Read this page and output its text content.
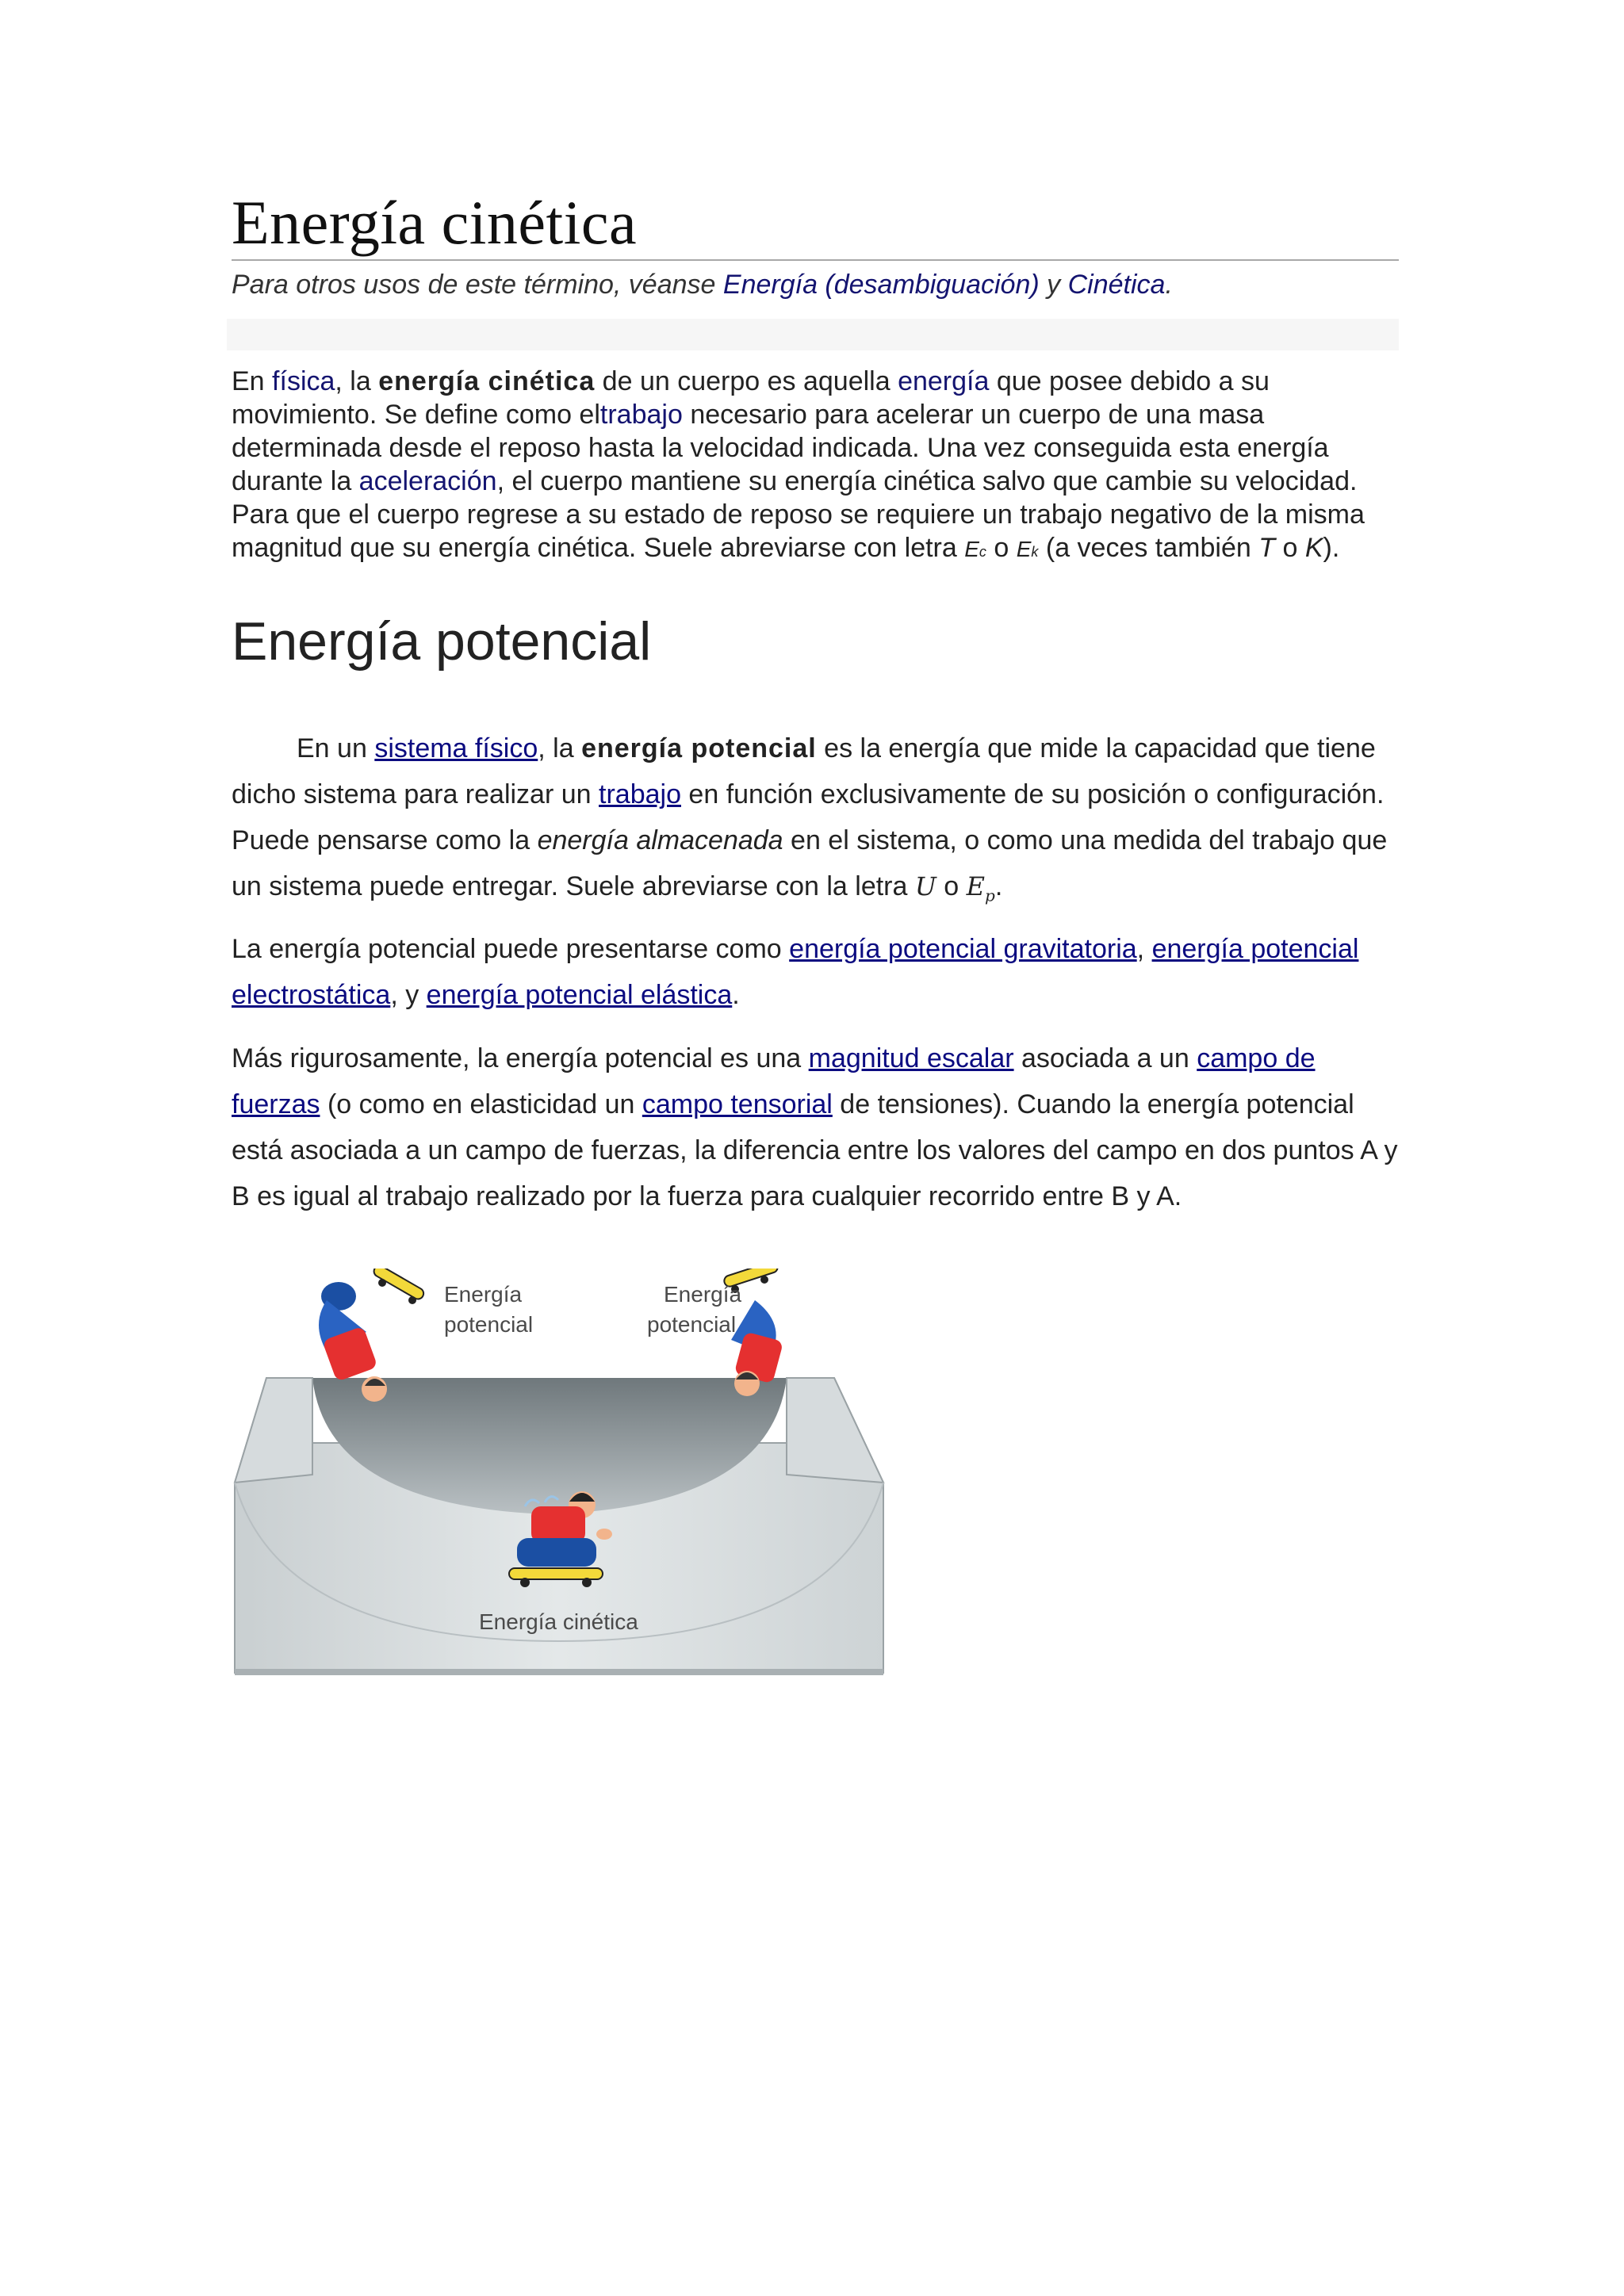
Energía cinética

Para otros usos de este término, véanse Energía (desambiguación) y Cinética.

En física, la energía cinética de un cuerpo es aquella energía que posee debido a su movimiento. Se define como eltrabajo necesario para acelerar un cuerpo de una masa determinada desde el reposo hasta la velocidad indicada. Una vez conseguida esta energía durante la aceleración, el cuerpo mantiene su energía cinética salvo que cambie su velocidad. Para que el cuerpo regrese a su estado de reposo se requiere un trabajo negativo de la misma magnitud que su energía cinética. Suele abreviarse con letra Ec o Ek (a veces también T o K).

Energía potencial

En un sistema físico, la energía potencial es la energía que mide la capacidad que tiene dicho sistema para realizar un trabajo en función exclusivamente de su posición o configuración. Puede pensarse como la energía almacenada en el sistema, o como una medida del trabajo que un sistema puede entregar. Suele abreviarse con la letra U o $E_p$.

La energía potencial puede presentarse como energía potencial gravitatoria, energía potencial electrostática, y energía potencial elástica.

Más rigurosamente, la energía potencial es una magnitud escalar asociada a un campo de fuerzas (o como en elasticidad un campo tensorial de tensiones). Cuando la energía potencial está asociada a un campo de fuerzas, la diferencia entre los valores del campo en dos puntos A y B es igual al trabajo realizado por la fuerza para cualquier recorrido entre B y A.

Energía
potencial
Energía
potencial
Energía cinética
